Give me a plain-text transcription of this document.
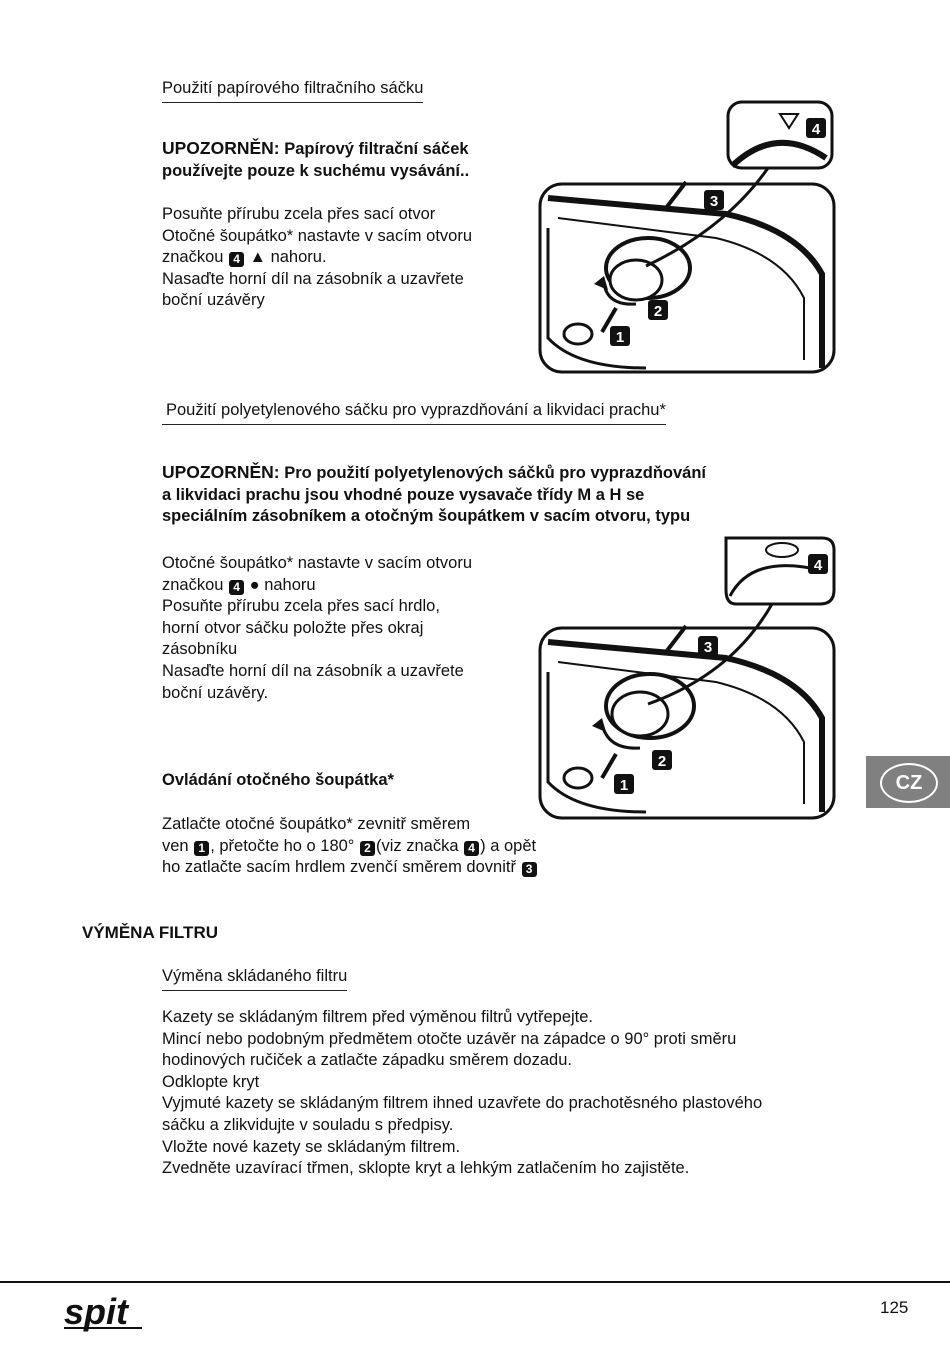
Použití papírového filtračního sáčku
UPOZORNĚN: Papírový filtrační sáček
používejte pouze k suchému vysávání..
Posuňte přírubu zcela přes sací otvor
Otočné šoupátko* nastavte v sacím otvoru
značkou 4 ▲ nahoru.
Nasaďte horní díl na zásobník a uzavřete
boční uzávěry
3
2
1
4
Použití polyetylenového sáčku pro vyprazdňování a likvidaci prachu*
UPOZORNĚN: Pro použití polyetylenových sáčků pro vyprazdňování
a likvidaci prachu jsou vhodné pouze vysavače třídy M a H se
speciálním zásobníkem a otočným šoupátkem v sacím otvoru, typu
Otočné šoupátko* nastavte v sacím otvoru
značkou 4 ● nahoru
Posuňte přírubu zcela přes sací hrdlo,
horní otvor sáčku položte přes okraj
zásobníku
Nasaďte horní díl na zásobník a uzavřete
boční uzávěry.
3
2
1
4
Ovládání otočného šoupátka*
Zatlačte otočné šoupátko* zevnitř směrem
ven 1 , přetočte ho o 180° 2 (viz značka 4 ) a opět
ho zatlačte sacím hrdlem zvenčí směrem dovnitř 3
CZ
VÝMĚNA FILTRU
Výměna skládaného filtru
Kazety se skládaným filtrem před výměnou filtrů vytřepejte.
Mincí nebo podobným předmětem otočte uzávěr na západce o 90° proti směru
hodinových ručiček a zatlačte západku směrem dozadu.
Odklopte kryt
Vyjmuté kazety se skládaným filtrem ihned uzavřete do prachotěsného plastového
sáčku a zlikvidujte v souladu s předpisy.
Vložte nové kazety se skládaným filtrem.
Zvedněte uzavírací třmen, sklopte kryt a lehkým zatlačením ho zajistěte.
spit	125
